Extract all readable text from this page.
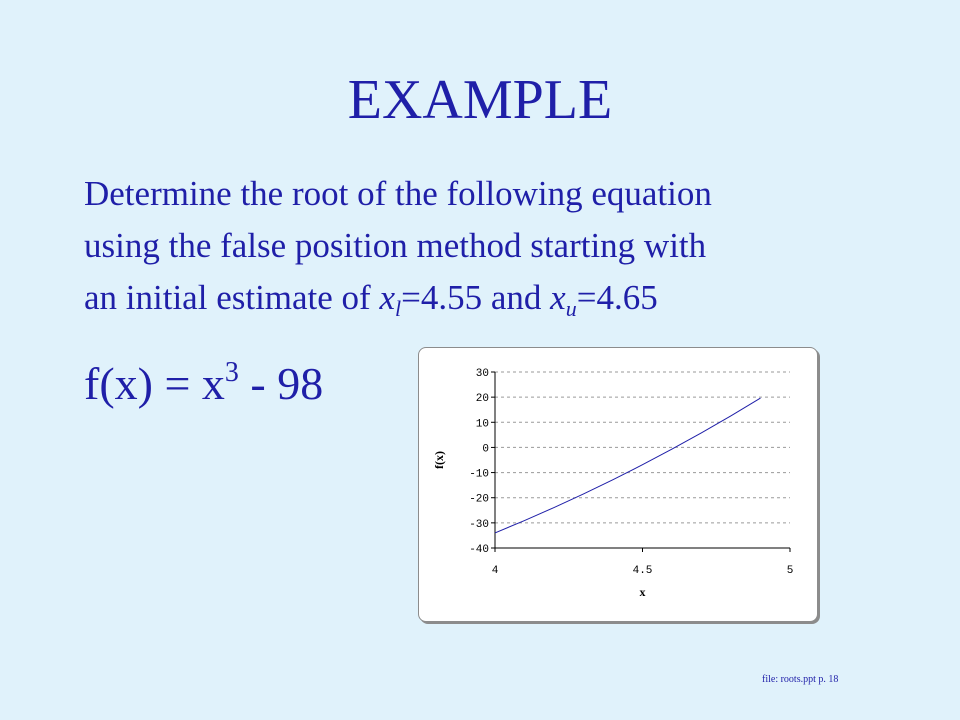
EXAMPLE
Determine the root of the following equation
using the false position method starting with
an initial estimate of $x_l=4.55$ and $x_u=4.65$
$f(x) = x^3 - 98$	30
20
10
0
-10
-20
-30
-40
4	4.5	5
x
f(x)
file: roots.ppt p. 18
